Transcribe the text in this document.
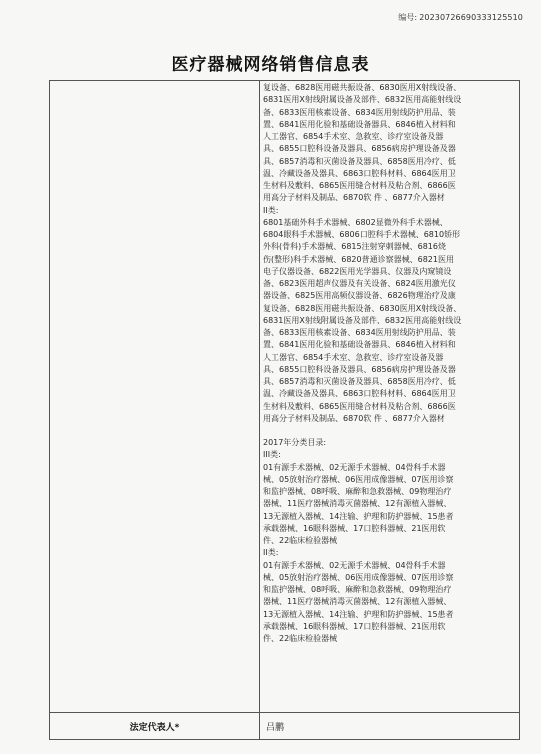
编号: 20230726690333125510
医疗器械网络销售信息表
复设备、6828医用磁共振设备、6830医用X射线设备、
6831医用X射线附属设备及部件、6832医用高能射线设
备、6833医用核素设备、6834医用射线防护用品、装
置、6841医用化验和基础设备器具、6846植入材料和
人工器官、6854手术室、急救室、诊疗室设备及器
具、6855口腔科设备及器具、6856病房护理设备及器
具、6857消毒和灭菌设备及器具、6858医用冷疗、低
温、冷藏设备及器具、6863口腔科材料、6864医用卫
生材料及敷料、6865医用缝合材料及粘合剂、6866医
用高分子材料及制品、6870软 件 、6877介入器材
II类:
6801基础外科手术器械、6802显微外科手术器械、
6804眼科手术器械、6806口腔科手术器械、6810矫形
外科(骨科)手术器械、6815注射穿刺器械、6816烧
伤(整形)科手术器械、6820普通诊察器械、6821医用
电子仪器设备、6822医用光学器具、仪器及内窥镜设
备、6823医用超声仪器及有关设备、6824医用激光仪
器设备、6825医用高频仪器设备、6826物理治疗及康
复设备、6828医用磁共振设备、6830医用X射线设备、
6831医用X射线附属设备及部件、6832医用高能射线设
备、6833医用核素设备、6834医用射线防护用品、装
置、6841医用化验和基础设备器具、6846植入材料和
人工器官、6854手术室、急救室、诊疗室设备及器
具、6855口腔科设备及器具、6856病房护理设备及器
具、6857消毒和灭菌设备及器具、6858医用冷疗、低
温、冷藏设备及器具、6863口腔科材料、6864医用卫
生材料及敷料、6865医用缝合材料及粘合剂、6866医
用高分子材料及制品、6870软 件 、6877介入器材
2017年分类目录:
III类:
01有源手术器械、02无源手术器械、04骨科手术器
械、05放射治疗器械、06医用成像器械、07医用诊察
和监护器械、08呼吸、麻醉和急救器械、09物理治疗
器械、11医疗器械消毒灭菌器械、12有源植入器械、
13无源植入器械、14注输、护理和防护器械、15患者
承载器械、16眼科器械、17口腔科器械、21医用软
件、22临床检验器械
II类:
01有源手术器械、02无源手术器械、04骨科手术器
械、05放射治疗器械、06医用成像器械、07医用诊察
和监护器械、08呼吸、麻醉和急救器械、09物理治疗
器械、11医疗器械消毒灭菌器械、12有源植入器械、
13无源植入器械、14注输、护理和防护器械、15患者
承载器械、16眼科器械、17口腔科器械、21医用软
件、22临床检验器械
法定代表人*	吕鹏
